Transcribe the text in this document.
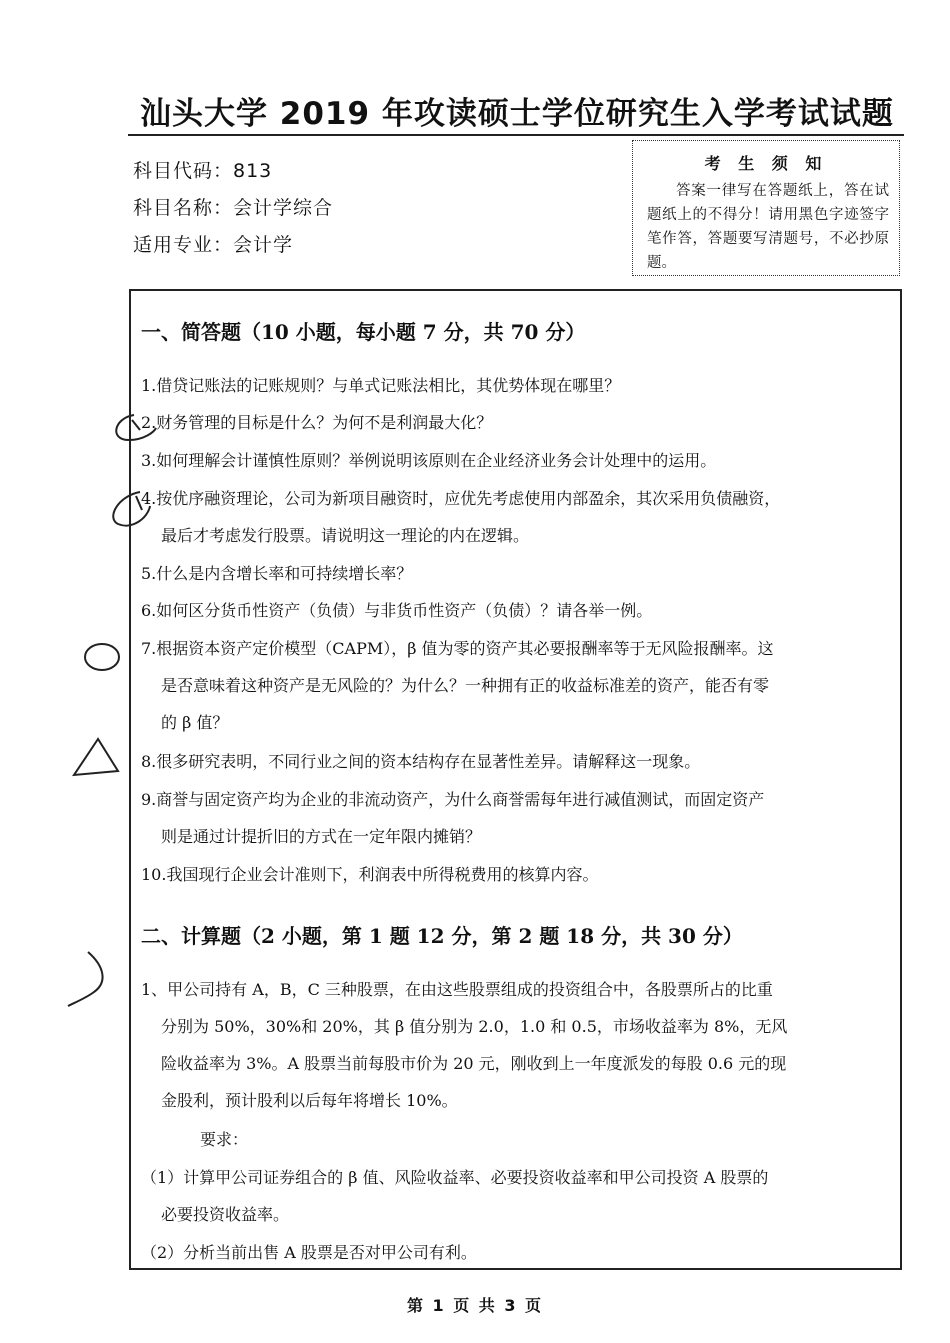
汕头大学 2019 年攻读硕士学位研究生入学考试试题
科目代码：813
科目名称：会计学综合
适用专业：会计学
考 生 须 知
答案一律写在答题纸上，答在试题纸上的不得分！请用黑色字迹签字笔作答，答题要写清题号，不必抄原题。
一、简答题（10 小题，每小题 7 分，共 70 分）
1.借贷记账法的记账规则？与单式记账法相比，其优势体现在哪里？
2.财务管理的目标是什么？为何不是利润最大化？
3.如何理解会计谨慎性原则？举例说明该原则在企业经济业务会计处理中的运用。
4.按优序融资理论，公司为新项目融资时，应优先考虑使用内部盈余，其次采用负债融资，
最后才考虑发行股票。请说明这一理论的内在逻辑。
5.什么是内含增长率和可持续增长率？
6.如何区分货币性资产（负债）与非货币性资产（负债）？请各举一例。
7.根据资本资产定价模型（CAPM），β 值为零的资产其必要报酬率等于无风险报酬率。这
是否意味着这种资产是无风险的？为什么？一种拥有正的收益标准差的资产，能否有零
的 β 值？
8.很多研究表明，不同行业之间的资本结构存在显著性差异。请解释这一现象。
9.商誉与固定资产均为企业的非流动资产，为什么商誉需每年进行减值测试，而固定资产
则是通过计提折旧的方式在一定年限内摊销？
10.我国现行企业会计准则下，利润表中所得税费用的核算内容。
二、计算题（2 小题，第 1 题 12 分，第 2 题 18 分，共 30 分）
1、甲公司持有 A，B，C 三种股票，在由这些股票组成的投资组合中，各股票所占的比重
分别为 50%，30%和 20%，其 β 值分别为 2.0，1.0 和 0.5，市场收益率为 8%，无风
险收益率为 3%。A 股票当前每股市价为 20 元，刚收到上一年度派发的每股 0.6 元的现
金股利，预计股利以后每年将增长 10%。
要求：
（1）计算甲公司证券组合的 β 值、风险收益率、必要投资收益率和甲公司投资 A 股票的
必要投资收益率。
（2）分析当前出售 A 股票是否对甲公司有利。
第 1 页 共 3 页
